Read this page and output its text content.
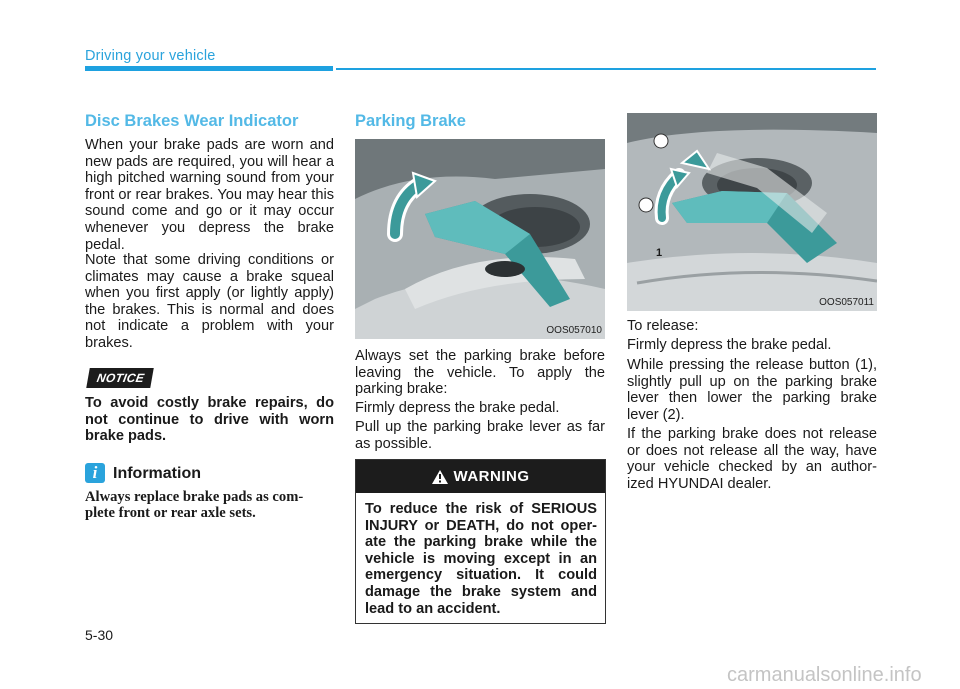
Driving your vehicle
Disc Brakes Wear Indicator

When your brake pads are worn and new pads are required, you will hear a high pitched warning sound from your front or rear brakes. You may hear this sound come and go or it may occur whenever you depress the brake pedal.

Note that some driving conditions or climates may cause a brake squeal when you first apply (or lightly apply) the brakes. This is normal and does not indicate a problem with your brakes.

NOTICE
To avoid costly brake repairs, do not continue to drive with worn brake pads.
i Information
Always replace brake pads as com- plete front or rear axle sets.
Parking Brake
OOS057010

Always set the parking brake before leaving the vehicle. To apply the parking brake:

Firmly depress the brake pedal.

Pull up the parking brake lever as far as possible.

WARNING
To reduce the risk of SERIOUS INJURY or DEATH, do not oper- ate the parking brake while the vehicle is moving except in an emergency situation. It could damage the brake system and lead to an accident.
1
OOS057011

To release:

Firmly depress the brake pedal.

While pressing the release button (1), slightly pull up on the parking brake lever then lower the parking brake lever (2).

If the parking brake does not release or does not release all the way, have your vehicle checked by an author- ized HYUNDAI dealer.

5-30
carmanualsonline.info
